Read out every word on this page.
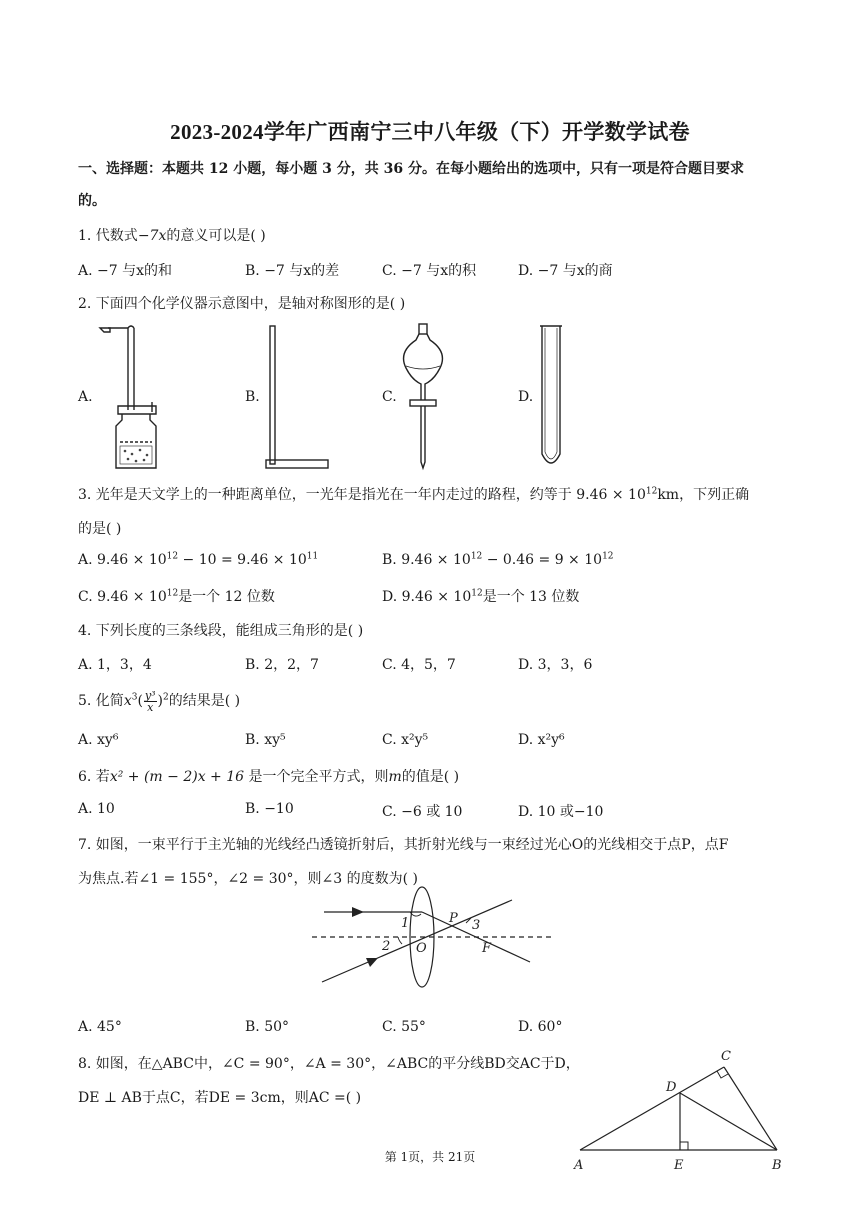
2023-2024学年广西南宁三中八年级（下）开学数学试卷
一、选择题：本题共 12 小题，每小题 3 分，共 36 分。在每小题给出的选项中，只有一项是符合题目要求
的。
1. 代数式−7x的意义可以是( )
A. −7 与x的和	B. −7 与x的差	C. −7 与x的积	D. −7 与x的商
2. 下面四个化学仪器示意图中，是轴对称图形的是( )
A.	B.	C.	D.
3. 光年是天文学上的一种距离单位，一光年是指光在一年内走过的路程，约等于 $9.46 \times 10^{12}km$，下列正确
的是( )
A. $9.46 \times 10^{12} - 10 = 9.46 \times 10^{11}$	B. $9.46 \times 10^{12} - 0.46 = 9 \times 10^{12}$
C. $9.46 \times 10^{12}$是一个 12 位数	D. $9.46 \times 10^{12}$是一个 13 位数
4. 下列长度的三条线段，能组成三角形的是( )
A. 1，3，4	B. 2，2，7	C. 4，5，7	D. 3，3，6
5. 化简$x^3( \frac{\text{y³}}{x} )^2$的结果是( )
A. xy⁶	B. xy⁵	C. x²y⁵	D. x²y⁶
6. 若x² + (m − 2)x + 16 是一个完全平方式，则m的值是( )
A. 10	B. −10	C. −6 或 10	D. 10 或−10
7. 如图，一束平行于主光轴的光线经凸透镜折射后，其折射光线与一束经过光心O的光线相交于点P，点F
为焦点.若∠1 = 155°，∠2 = 30°，则∠3 的度数为( )
1
2
3
O
P
F
A. 45°	B. 50°	C. 55°	D. 60°
8. 如图，在△ABC中，∠C = 90°，∠A = 30°，∠ABC的平分线BD交AC于D，
DE ⊥ AB于点C，若DE = 3cm，则AC =( )
A	B
C
D
E
第 1页，共 21页
